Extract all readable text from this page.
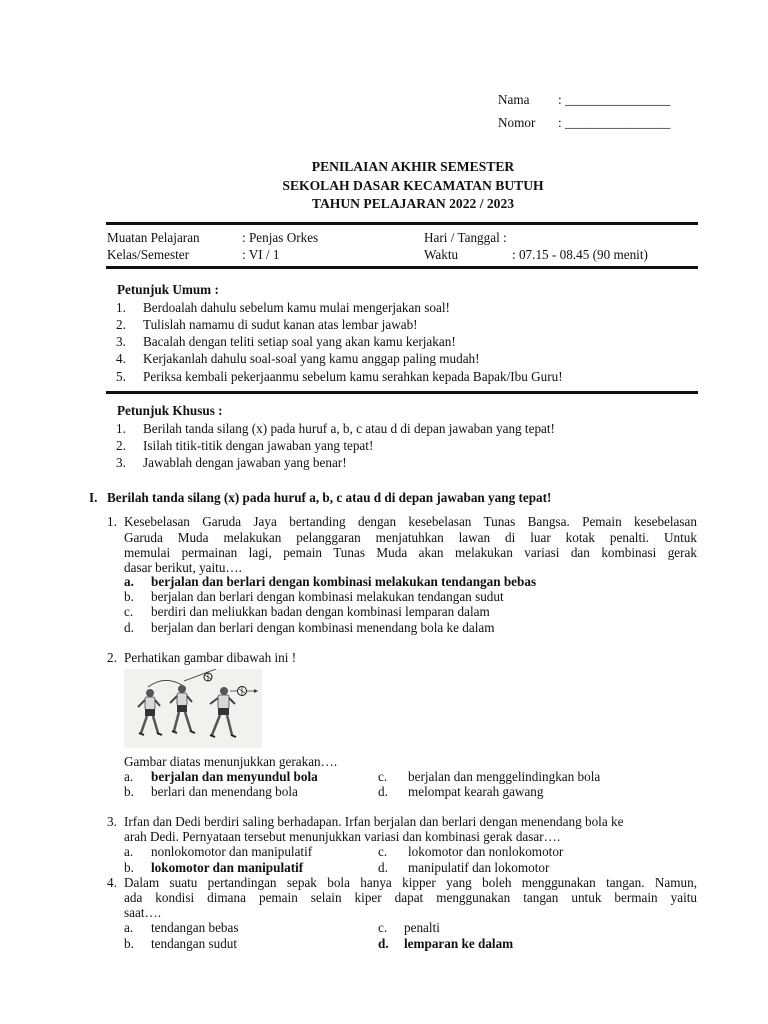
Nama : ________________
Nomor : ________________
PENILAIAN AKHIR SEMESTER
SEKOLAH DASAR KECAMATAN BUTUH
TAHUN PELAJARAN 2022 / 2023
Muatan Pelajaran	: Penjas Orkes	Hari / Tanggal :
Kelas/Semester	: VI / 1	Waktu	: 07.15 - 08.45 (90 menit)
Petunjuk Umum :
1. Berdoalah dahulu sebelum kamu mulai mengerjakan soal!
2. Tulislah namamu di sudut kanan atas lembar jawab!
3. Bacalah dengan teliti setiap soal yang akan kamu kerjakan!
4. Kerjakanlah dahulu soal-soal yang kamu anggap paling mudah!
5. Periksa kembali pekerjaanmu sebelum kamu serahkan kepada Bapak/Ibu Guru!
Petunjuk Khusus :
1. Berilah tanda silang (x) pada huruf a, b, c atau d di depan jawaban yang tepat!
2. Isilah titik-titik dengan jawaban yang tepat!
3. Jawablah dengan jawaban yang benar!
I. Berilah tanda silang (x) pada huruf a, b, c atau d di depan jawaban yang tepat!
1. Kesebelasan Garuda Jaya bertanding dengan kesebelasan Tunas Bangsa. Pemain kesebelasan
Garuda Muda melakukan pelanggaran menjatuhkan lawan di luar kotak penalti. Untuk
memulai permainan lagi, pemain Tunas Muda akan melakukan variasi dan kombinasi gerak
dasar berikut, yaitu….
a. berjalan dan berlari dengan kombinasi melakukan tendangan bebas
b. berjalan dan berlari dengan kombinasi melakukan tendangan sudut
c. berdiri dan meliukkan badan dengan kombinasi lemparan dalam
d. berjalan dan berlari dengan kombinasi menendang bola ke dalam
2. Perhatikan gambar dibawah ini !
Gambar diatas menunjukkan gerakan….
a. berjalan dan menyundul bola	c. berjalan dan menggelindingkan bola
b. berlari dan menendang bola	d. melompat kearah gawang
3. Irfan dan Dedi berdiri saling berhadapan. Irfan berjalan dan berlari dengan menendang bola ke
arah Dedi. Pernyataan tersebut menunjukkan variasi dan kombinasi gerak dasar….
a. nonlokomotor dan manipulatif	c. lokomotor dan nonlokomotor
b. lokomotor dan manipulatif	d. manipulatif dan lokomotor
4. Dalam suatu pertandingan sepak bola hanya kipper yang boleh menggunakan tangan. Namun,
ada kondisi dimana pemain selain kiper dapat menggunakan tangan untuk bermain yaitu
saat….
a. tendangan bebas	c. penalti
b. tendangan sudut	d. lemparan ke dalam
